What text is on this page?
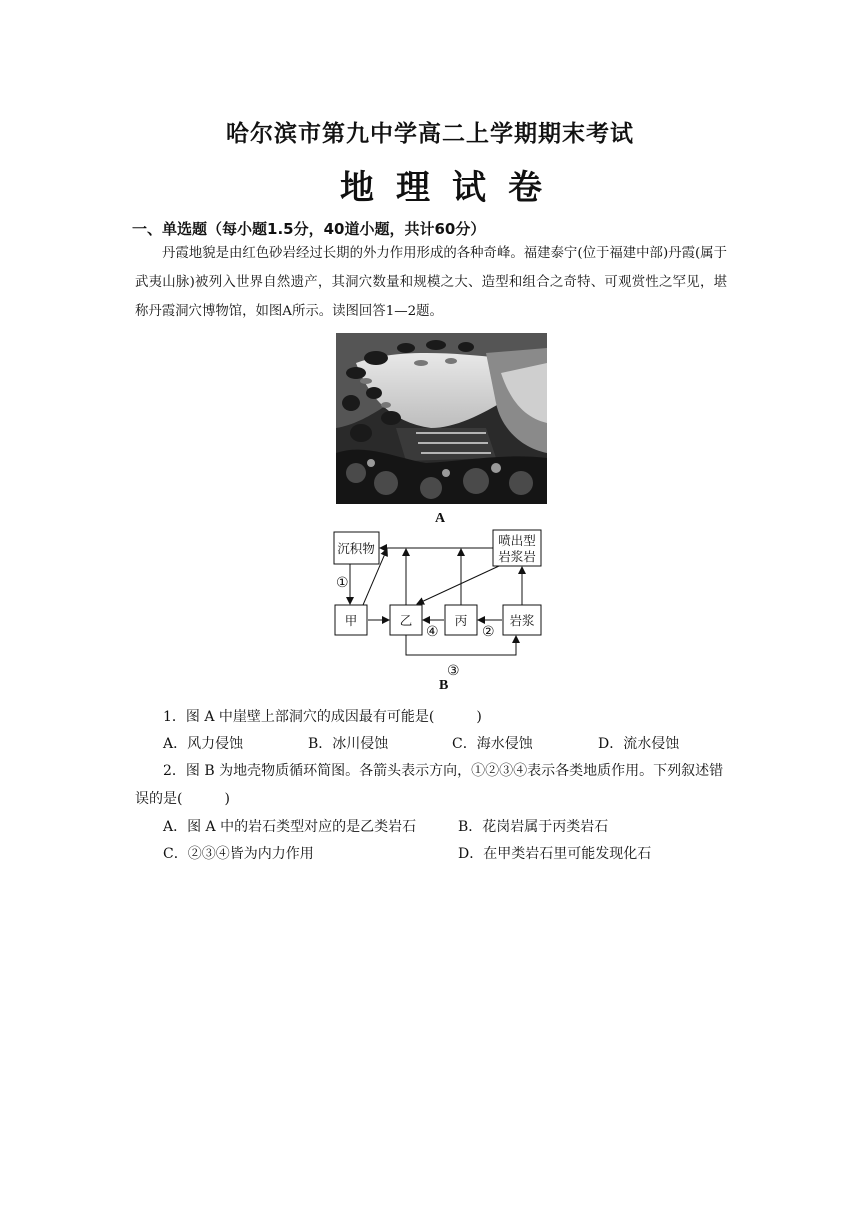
哈尔滨市第九中学高二上学期期末考试
地理试卷
一、单选题（每小题1.5分，40道小题，共计60分）
丹霞地貌是由红色砂岩经过长期的外力作用形成的各种奇峰。福建泰宁(位于福建中部)丹霞(属于武夷山脉)被列入世界自然遗产，其洞穴数量和规模之大、造型和组合之奇特、可观赏性之罕见，堪称丹霞洞穴博物馆，如图A所示。读图回答1—2题。
A
沉积物
喷出型
岩浆岩
甲	乙	丙	岩浆
①
④	②
③
B
1．图 A 中崖壁上部洞穴的成因最有可能是(　　　)
A．风力侵蚀	B．冰川侵蚀	C．海水侵蚀	D．流水侵蚀
2．图 B 为地壳物质循环简图。各箭头表示方向，①②③④表示各类地质作用。下列叙述错
误的是(　　　)
A．图 A 中的岩石类型对应的是乙类岩石	B．花岗岩属于丙类岩石
C．②③④皆为内力作用	D．在甲类岩石里可能发现化石
